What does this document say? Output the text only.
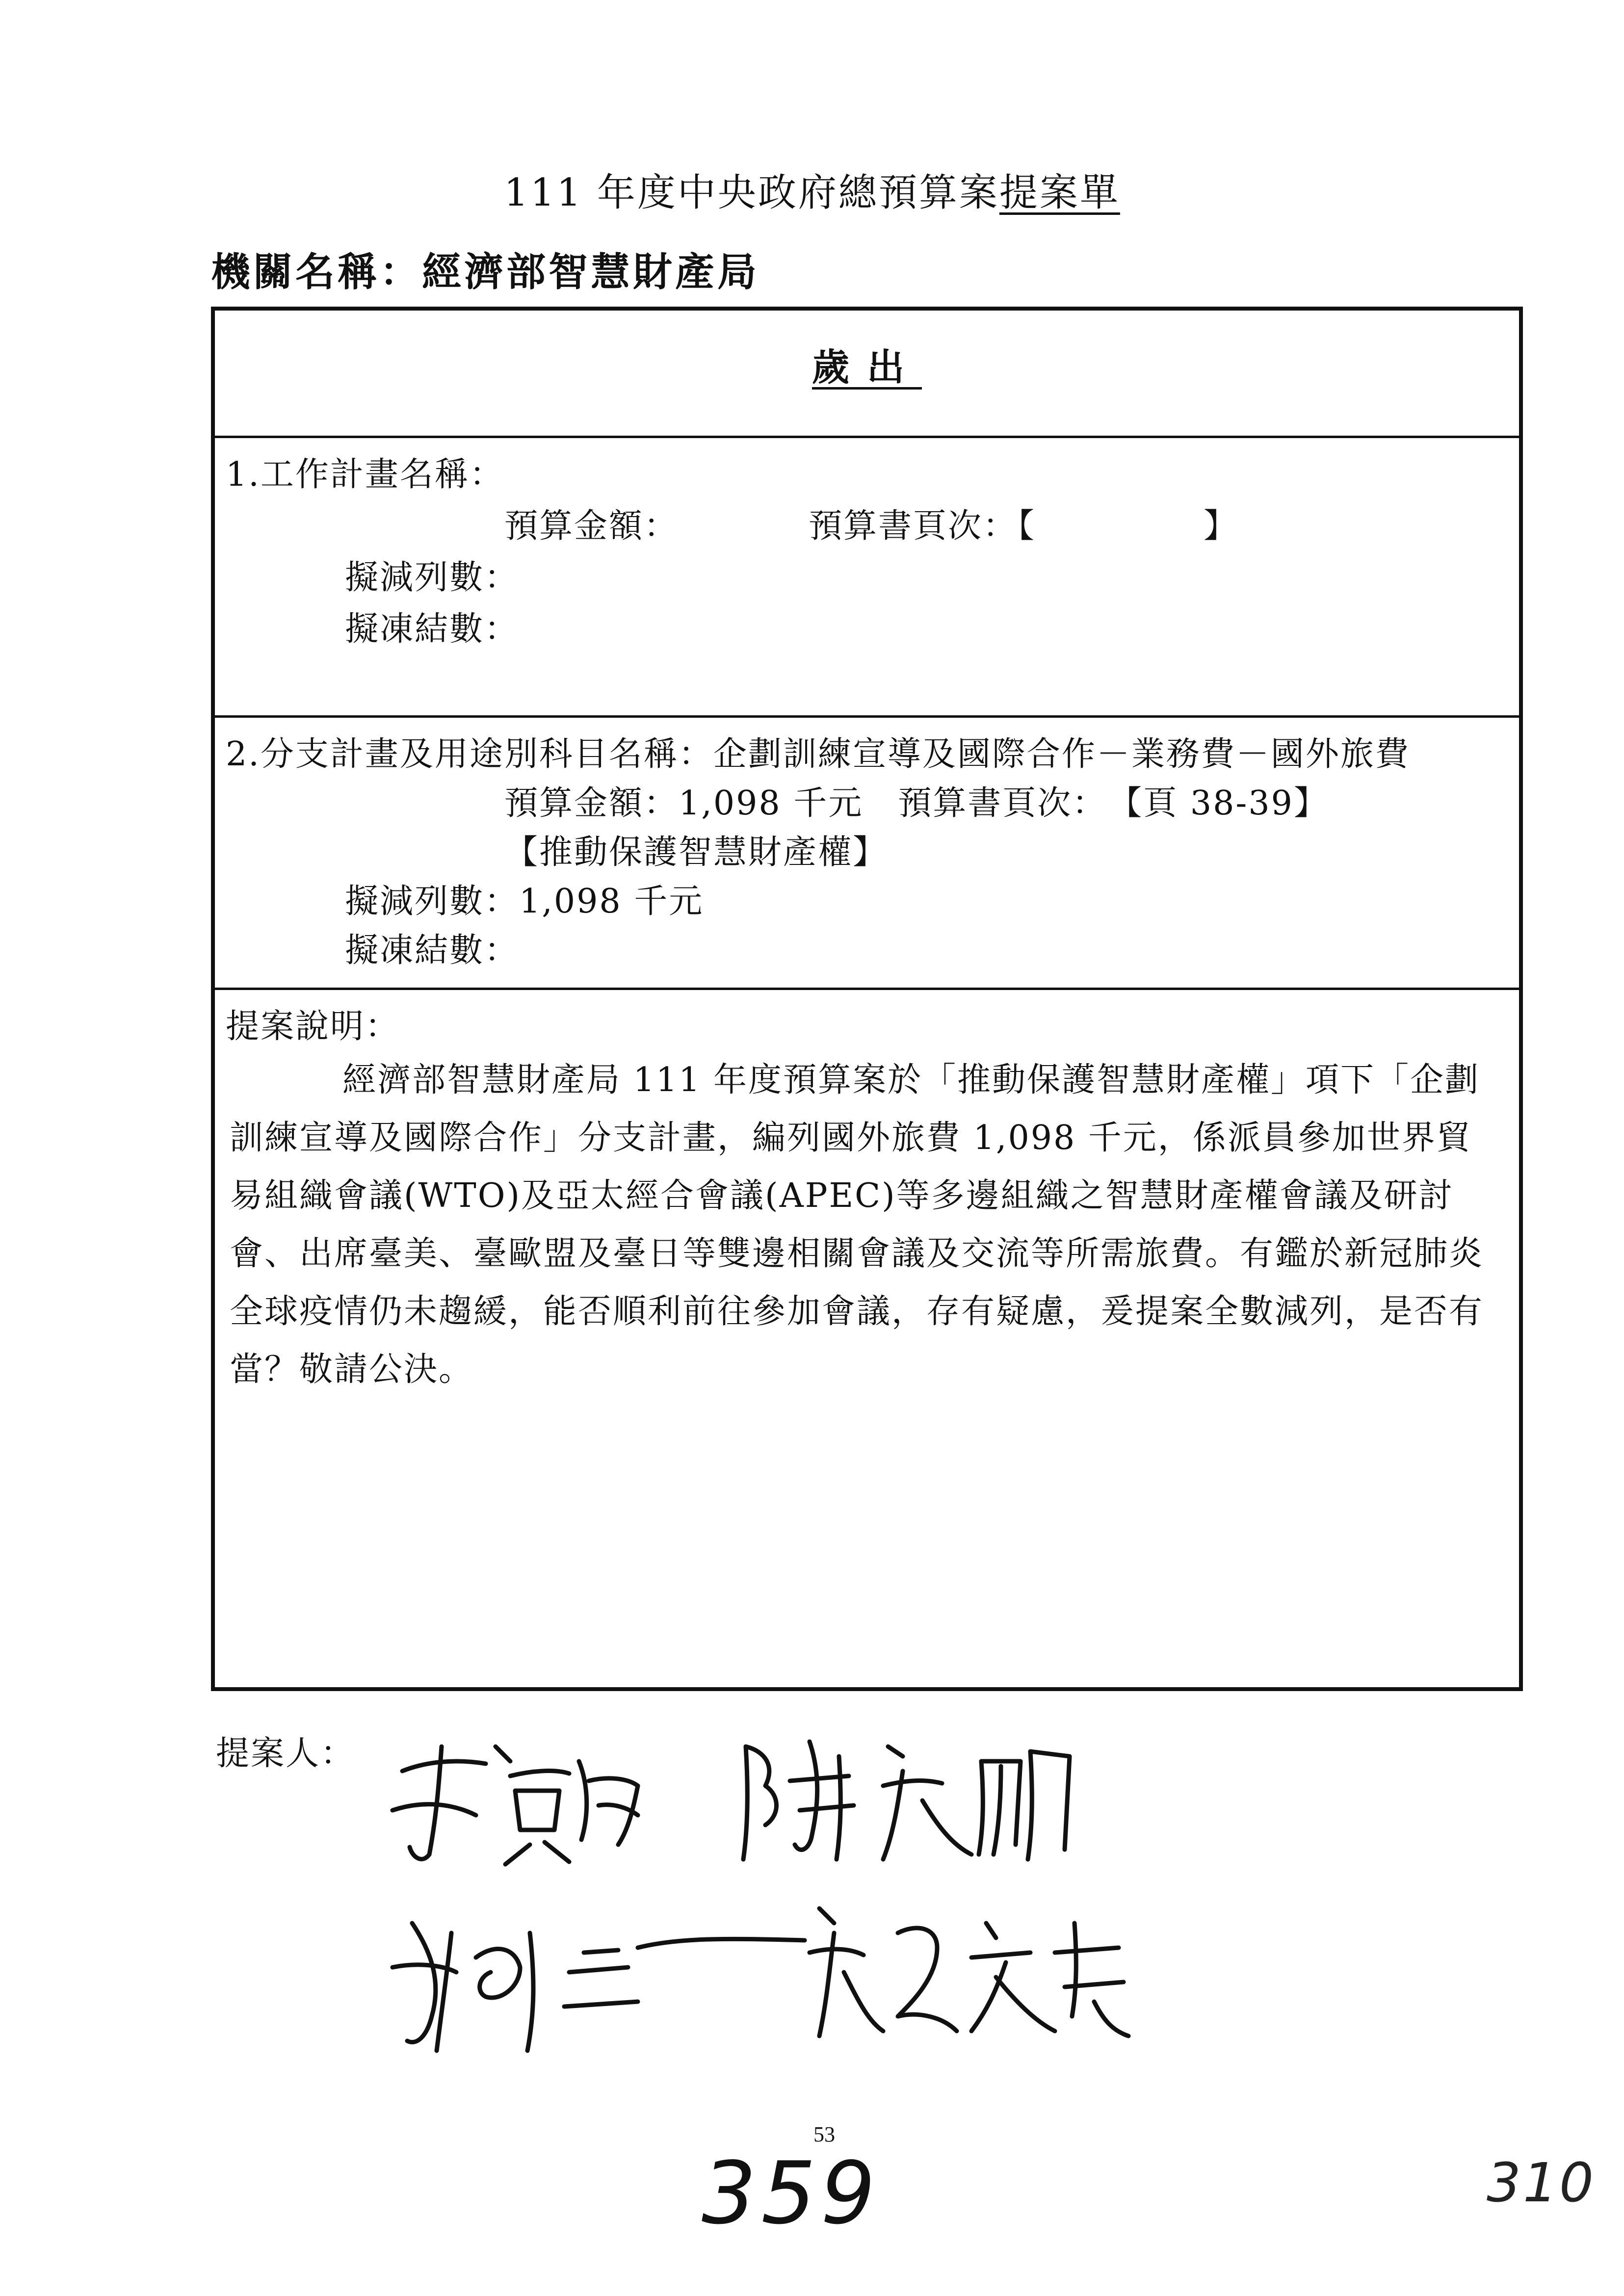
111 年度中央政府總預算案提案單
機關名稱：經濟部智慧財產局
歲出
1.工作計畫名稱：
預算金額：	預算書頁次：【	】
擬減列數：
擬凍結數：
2.分支計畫及用途別科目名稱：企劃訓練宣導及國際合作－業務費－國外旅費
預算金額：1,098 千元　預算書頁次：　【頁 38-39】
【推動保護智慧財產權】
擬減列數：1,098 千元
擬凍結數：
提案說明：
經濟部智慧財產局 111 年度預算案於「推動保護智慧財產權」項下「企劃訓練宣導及國際合作」分支計畫，編列國外旅費 1,098 千元，係派員參加世界貿易組織會議(WTO)及亞太經合會議(APEC)等多邊組織之智慧財產權會議及研討會、出席臺美、臺歐盟及臺日等雙邊相關會議及交流等所需旅費。有鑑於新冠肺炎全球疫情仍未趨緩，能否順利前往參加會議，存有疑慮，爰提案全數減列，是否有當？敬請公決。
提案人：
53
359	310
